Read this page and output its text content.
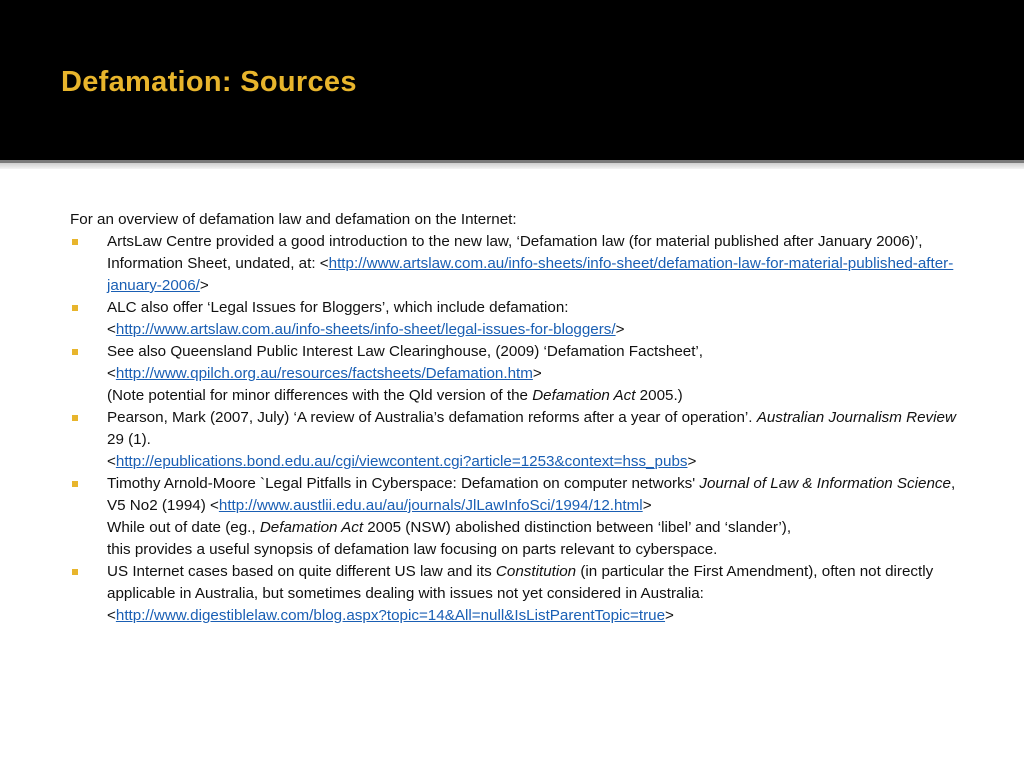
Defamation: Sources

For an overview of defamation law and defamation on the Internet:

ArtsLaw Centre provided a good introduction to the new law, ‘Defamation law (for material published after January 2006)’, Information Sheet, undated, at: <http://www.artslaw.com.au/info-sheets/info-sheet/defamation-law-for-material-published-after-january-2006/>
ALC also offer ‘Legal Issues for Bloggers’, which include defamation:
<http://www.artslaw.com.au/info-sheets/info-sheet/legal-issues-for-bloggers/>
See also Queensland Public Interest Law Clearinghouse, (2009) ‘Defamation Factsheet’,
<http://www.qpilch.org.au/resources/factsheets/Defamation.htm>
(Note potential for minor differences with the Qld version of the Defamation Act 2005.)
Pearson, Mark (2007, July) ‘A review of Australia’s defamation reforms after a year of operation’. Australian Journalism Review 29 (1).
<http://epublications.bond.edu.au/cgi/viewcontent.cgi?article=1253&context=hss_pubs>
Timothy Arnold-Moore `Legal Pitfalls in Cyberspace: Defamation on computer networks' Journal of Law & Information Science, V5 No2 (1994) <http://www.austlii.edu.au/au/journals/JlLawInfoSci/1994/12.html>
While out of date (eg., Defamation Act 2005 (NSW) abolished distinction between ‘libel’ and ‘slander’),
this provides a useful synopsis of defamation law focusing on parts relevant to cyberspace.
US Internet cases based on quite different US law and its Constitution (in particular the First Amendment), often not directly applicable in Australia, but sometimes dealing with issues not yet considered in Australia:
<http://www.digestiblelaw.com/blog.aspx?topic=14&All=null&IsListParentTopic=true>
